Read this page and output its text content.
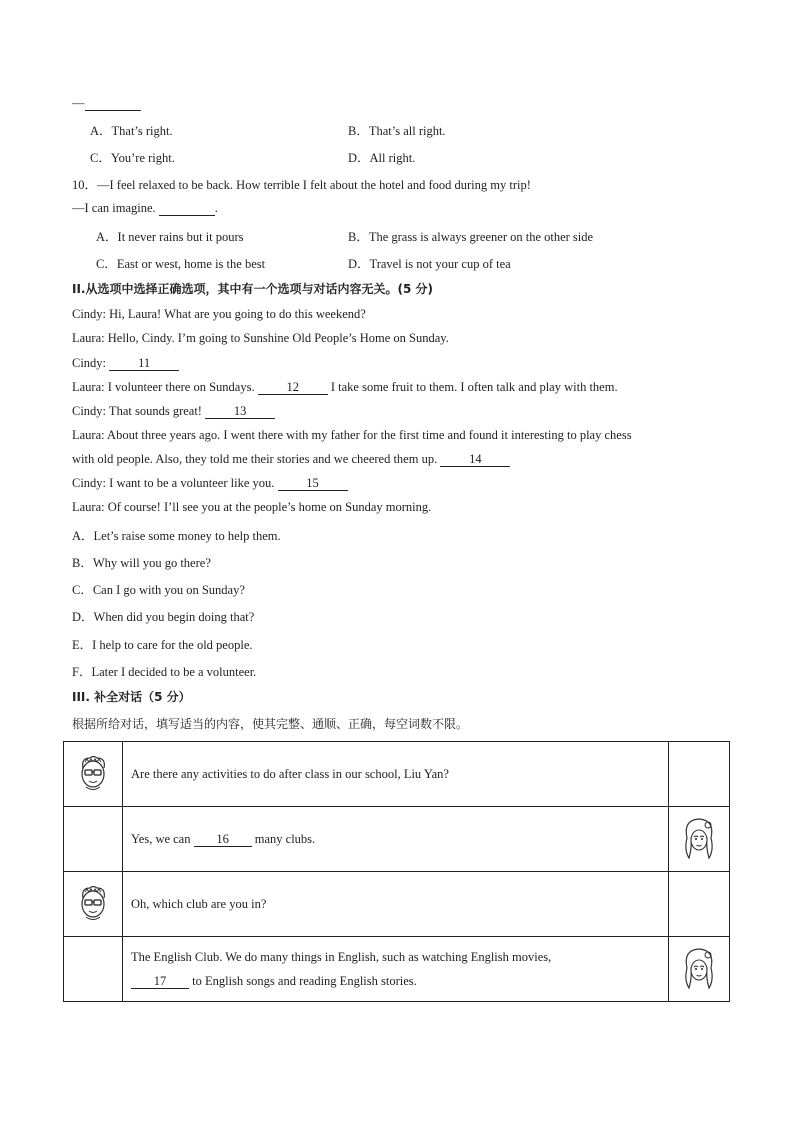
—
A．That’s right.	B．That’s all right.
C．You’re right.	D．All right.
10．—I feel relaxed to be back. How terrible I felt about the hotel and food during my trip!
—I can imagine.	.
A．It never rains but it pours	B．The grass is always greener on the other side
C．East or west, home is the best	D．Travel is not your cup of tea
II.从选项中选择正确选项，其中有一个选项与对话内容无关。(5 分)
Cindy: Hi, Laura! What are you going to do this weekend?
Laura: Hello, Cindy. I’m going to Sunshine Old People’s Home on Sunday.
Cindy: 11
Laura: I volunteer there on Sundays. 12 I take some fruit to them. I often talk and play with them.
Cindy: That sounds great! 13
Laura: About three years ago. I went there with my father for the first time and found it interesting to play chess
with old people. Also, they told me their stories and we cheered them up. 14
Cindy: I want to be a volunteer like you. 15
Laura: Of course! I’ll see you at the people’s home on Sunday morning.
A．Let’s raise some money to help them.
B．Why will you go there?
C．Can I go with you on Sunday?
D．When did you begin doing that?
E．I help to care for the old people.
F．Later I decided to be a volunteer.
III. 补全对话（5 分）
根据所给对话，填写适当的内容，使其完整、通顺、正确，每空词数不限。
	Are there any activities to do after class in our school, Liu Yan?	
	Yes, we can 16 many clubs.	

	Oh, which club are you in?	

	The English Club. We do many things in English, such as watching English movies,
17 to English songs and reading English stories.
